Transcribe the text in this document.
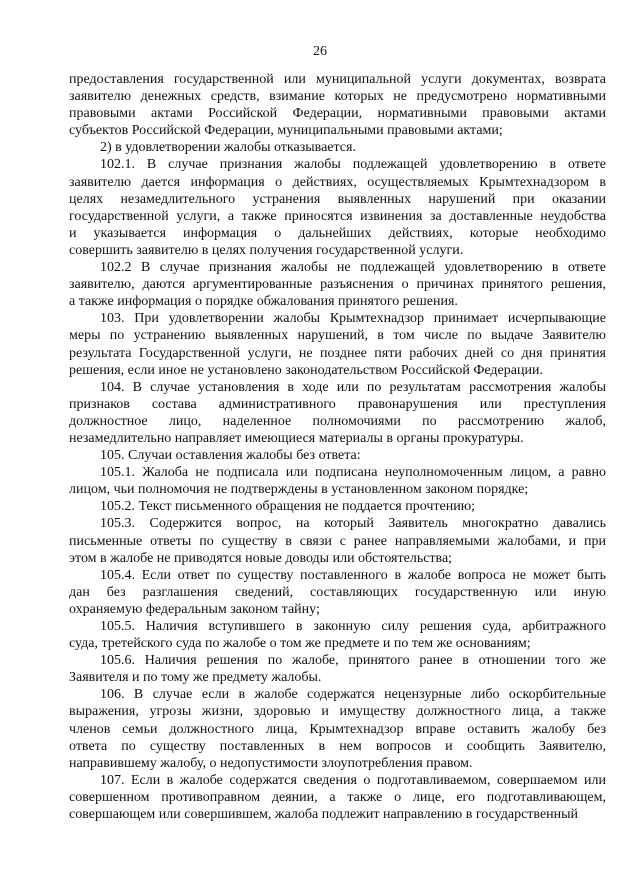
26
предоставления государственной или муниципальной услуги документах, возврата
заявителю денежных средств, взимание которых не предусмотрено нормативными
правовыми актами Российской Федерации, нормативными правовыми актами
субъектов Российской Федерации, муниципальными правовыми актами;
2) в удовлетворении жалобы отказывается.
102.1. В случае признания жалобы подлежащей удовлетворению в ответе
заявителю дается информация о действиях, осуществляемых Крымтехнадзором в
целях незамедлительного устранения выявленных нарушений при оказании
государственной услуги, а также приносятся извинения за доставленные неудобства
и указывается информация о дальнейших действиях, которые необходимо
совершить заявителю в целях получения государственной услуги.
102.2 В случае признания жалобы не подлежащей удовлетворению в ответе
заявителю, даются аргументированные разъяснения о причинах принятого решения,
а также информация о порядке обжалования принятого решения.
103. При удовлетворении жалобы Крымтехнадзор принимает исчерпывающие
меры по устранению выявленных нарушений, в том числе по выдаче Заявителю
результата Государственной услуги, не позднее пяти рабочих дней со дня принятия
решения, если иное не установлено законодательством Российской Федерации.
104. В случае установления в ходе или по результатам рассмотрения жалобы
признаков состава административного правонарушения или преступления
должностное лицо, наделенное полномочиями по рассмотрению жалоб,
незамедлительно направляет имеющиеся материалы в органы прокуратуры.
105. Случаи оставления жалобы без ответа:
105.1. Жалоба не подписала или подписана неуполномоченным лицом, а равно
лицом, чьи полномочия не подтверждены в установленном законом порядке;
105.2. Текст письменного обращения не поддается прочтению;
105.3. Содержится вопрос, на который Заявитель многократно давались
письменные ответы по существу в связи с ранее направляемыми жалобами, и при
этом в жалобе не приводятся новые доводы или обстоятельства;
105.4. Если ответ по существу поставленного в жалобе вопроса не может быть
дан без разглашения сведений, составляющих государственную или иную
охраняемую федеральным законом тайну;
105.5. Наличия вступившего в законную силу решения суда, арбитражного
суда, третейского суда по жалобе о том же предмете и по тем же основаниям;
105.6. Наличия решения по жалобе, принятого ранее в отношении того же
Заявителя и по тому же предмету жалобы.
106. В случае если в жалобе содержатся нецензурные либо оскорбительные
выражения, угрозы жизни, здоровью и имуществу должностного лица, а также
членов семьи должностного лица, Крымтехнадзор вправе оставить жалобу без
ответа по существу поставленных в нем вопросов и сообщить Заявителю,
направившему жалобу, о недопустимости злоупотребления правом.
107. Если в жалобе содержатся сведения о подготавливаемом, совершаемом или
совершенном противоправном деянии, а также о лице, его подготавливающем,
совершающем или совершившем, жалоба подлежит направлению в государственный
